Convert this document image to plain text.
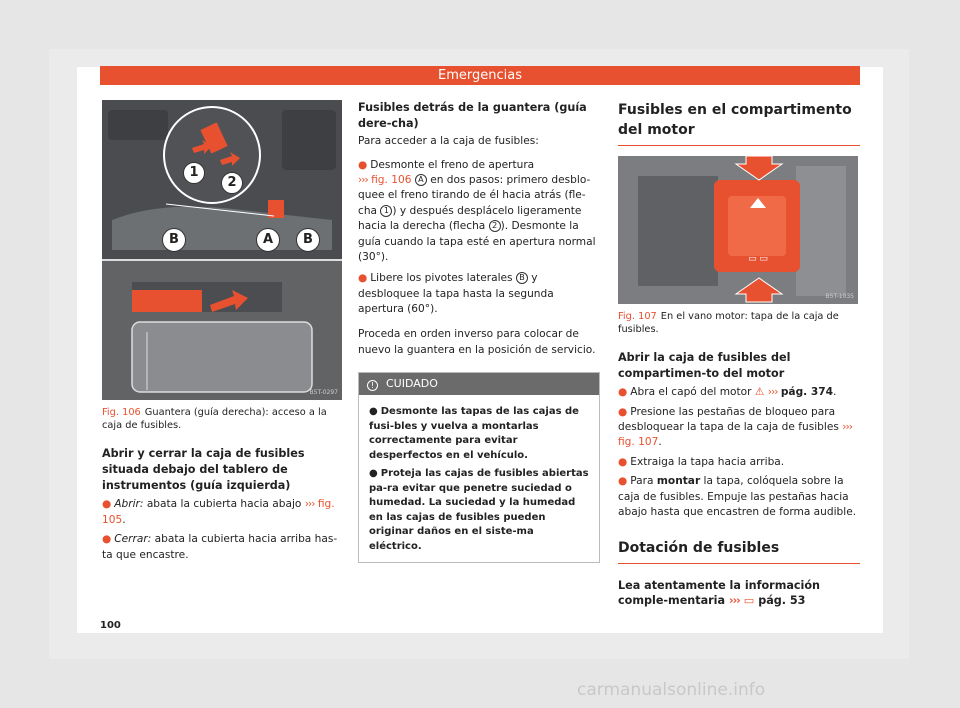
Emergencias
1
2
B	A	B
B5T-0297
Fig. 106 Guantera (guía derecha): acceso a la caja de fusibles.
Abrir y cerrar la caja de fusibles situada debajo del tablero de instrumentos (guía izquierda)
● Abrir: abata la cubierta hacia abajo ››› fig. 105.
● Cerrar: abata la cubierta hacia arriba has-ta que encastre.
Fusibles detrás de la guantera (guía dere-cha)
Para acceder a la caja de fusibles:
● Desmonte el freno de apertura
››› fig. 106 A en dos pasos: primero desblo-quee el freno tirando de él hacia atrás (fle-cha 1 ) y después desplácelo ligeramente hacia la derecha (flecha 2 ). Desmonte la guía cuando la tapa esté en apertura normal (30°).
● Libere los pivotes laterales B y desbloquee la tapa hasta la segunda apertura (60°).
Proceda en orden inverso para colocar de nuevo la guantera en la posición de servicio.
! CUIDADO
● Desmonte las tapas de las cajas de fusi-bles y vuelva a montarlas correctamente para evitar desperfectos en el vehículo.
● Proteja las cajas de fusibles abiertas pa-ra evitar que penetre suciedad o humedad. La suciedad y la humedad en las cajas de fusibles pueden originar daños en el siste-ma eléctrico.
Fusibles en el compartimento del motor
▭ ▭
B5T-1035
Fig. 107 En el vano motor: tapa de la caja de fusibles.
Abrir la caja de fusibles del compartimen-to del motor
● Abra el capó del motor ⚠ ››› pág. 374.
● Presione las pestañas de bloqueo para desbloquear la tapa de la caja de fusibles ››› fig. 107.
● Extraiga la tapa hacia arriba.
● Para montar la tapa, colóquela sobre la caja de fusibles. Empuje las pestañas hacia abajo hasta que encastren de forma audible.
Dotación de fusibles
Lea atentamente la información comple-mentaria ››› ▭ pág. 53
100
carmanualsonline.info
